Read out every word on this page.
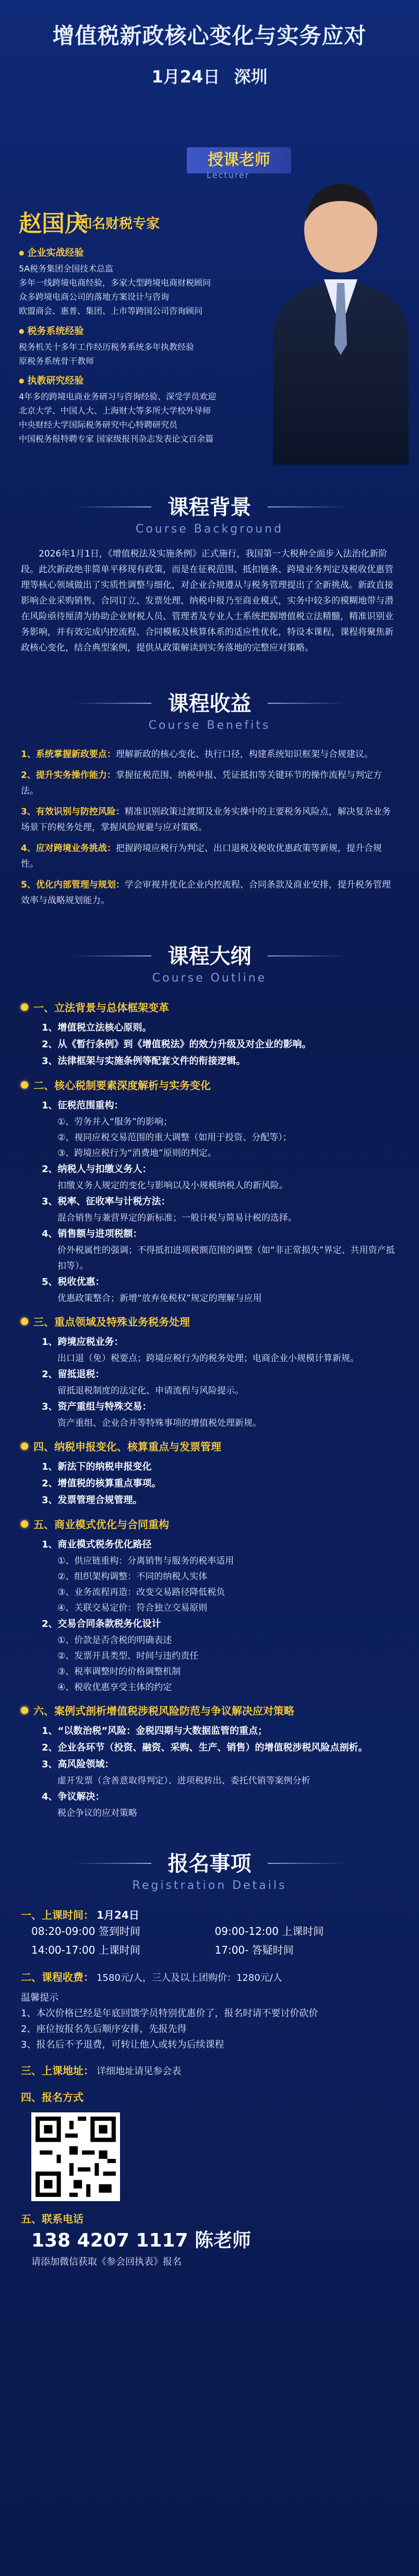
增值税新政核心变化与实务应对
1月24日 深圳
授课老师
Lecturer
赵国庆
知名财税专家
● 企业实战经验

5A税务集团全国技术总监

多年一线跨境电商经验，多家大型跨境电商财税顾问

众多跨境电商公司的落地方案设计与咨询

欧盟商会、惠普、集团、上市等跨国公司咨询顾问

● 税务系统经验

税务机关十多年工作经历税务系统多年执教经验

原税务系统骨干教师

● 执教研究经验

4年多的跨境电商业务研习与咨询经验、深受学员欢迎

北京大学、中国人大、上海财大等多所大学校外导师

中央财经大学国际税务研究中心特聘研究员

中国税务报特聘专家 国家级报刊杂志发表论文百余篇

课程背景
Course Background
2026年1月1日，《增值税法及实施条例》正式施行，我国第一大税种全面步入法治化新阶段。此次新政绝非简单平移现有政策，而是在征税范围、抵扣链条、跨境业务判定及税收优惠管理等核心领域做出了实质性调整与细化，对企业合规遵从与税务管理提出了全新挑战。新政直接影响企业采购销售、合同订立、发票处理、纳税申报乃至商业模式，实务中较多的模糊地带与潜在风险亟待厘清为协助企业财税人员、管理者及专业人士系统把握增值税立法精髓，精准识别业务影响，并有效完成内控流程、合同模板及核算体系的适应性优化，特设本课程，课程将聚焦新政核心变化，结合典型案例，提供从政策解读到实务落地的完整应对策略。
课程收益
Course Benefits
1、系统掌握新政要点：理解新政的核心变化、执行口径，构建系统知识框架与合规建议。
2、提升实务操作能力：掌握征税范围、纳税申报、凭证抵扣等关键环节的操作流程与判定方法。
3、有效识别与防控风险：精准识别政策过渡期及业务实操中的主要税务风险点，解决复杂业务场景下的税务处理，掌握风险规避与应对策略。
4、应对跨境业务挑战：把握跨境应税行为判定、出口退税及税收优惠政策等新规，提升合规性。
5、优化内部管理与规划：学会审视并优化企业内控流程、合同条款及商业安排，提升税务管理效率与战略规划能力。
课程大纲
Course Outline
一、立法背景与总体框架变革
1、增值税立法核心原则。
2、从《暂行条例》到《增值税法》的效力升级及对企业的影响。
3、法律框架与实施条例等配套文件的衔接逻辑。
二、核心税制要素深度解析与实务变化
1、征税范围重构：
①、劳务并入“服务”的影响；
②、视同应税交易范围的重大调整（如用于投资、分配等）；
③、跨境应税行为“消费地”原则的判定。
2、纳税人与扣缴义务人：
扣缴义务人规定的变化与影响以及小规模纳税人的新风险。
3、税率、征收率与计税方法：
混合销售与兼营界定的新标准；一般计税与简易计税的选择。
4、销售额与进项税额：
价外税属性的强调；不得抵扣进项税额范围的调整（如“非正常损失”界定、共用资产抵扣等）。
5、税收优惠：
优惠政策整合；新增“放弃免税权”规定的理解与应用
三、重点领域及特殊业务税务处理
1、跨境应税业务：
出口退（免）税要点；跨境应税行为的税务处理；电商企业小规模计算新规。
2、留抵退税：
留抵退税制度的法定化、申请流程与风险提示。
3、资产重组与特殊交易：
资产重组、企业合并等特殊事项的增值税处理新规。
四、纳税申报变化、核算重点与发票管理
1、新法下的纳税申报变化
2、增值税的核算重点事项。
3、发票管理合规管理。
五、商业模式优化与合同重构
1、商业模式税务优化路径
①、供应链重构：分离销售与服务的税率适用
②、组织架构调整：不同的纳税人实体
③、业务流程再造：改变交易路径降低税负
④、关联交易定价：符合独立交易原则
2、交易合同条款税务化设计
①、价款是否含税的明确表述
②、发票开具类型、时间与违约责任
③、税率调整时的价格调整机制
④、税收优惠享受主体的约定
六、案例式剖析增值税涉税风险防范与争议解决应对策略
1、“以数治税”风险：金税四期与大数据监管的重点；
2、企业各环节（投资、融资、采购、生产、销售）的增值税涉税风险点剖析。
3、高风险领域：
虚开发票（含善意取得判定）、进项税转出、委托代销等案例分析
4、争议解决：
税企争议的应对策略
报名事项
Registration Details
一、上课时间： 1月24日
08:20-09:00 签到时间	09:00-12:00 上课时间
14:00-17:00 上课时间	17:00- 答疑时间
二、课程收费： 1580元/人，三人及以上团购价：1280元/人
温馨提示
1、本次价格已经是年底回馈学员特别优惠价了，报名时请不要讨价砍价
2、座位按报名先后顺序安排，先报先得
3、报名后不予退费，可转让他人或转为后续课程
三、上课地址： 详细地址请见参会表
四、报名方式
五、联系电话
138 4207 1117 陈老师
请添加微信获取《参会回执表》报名
